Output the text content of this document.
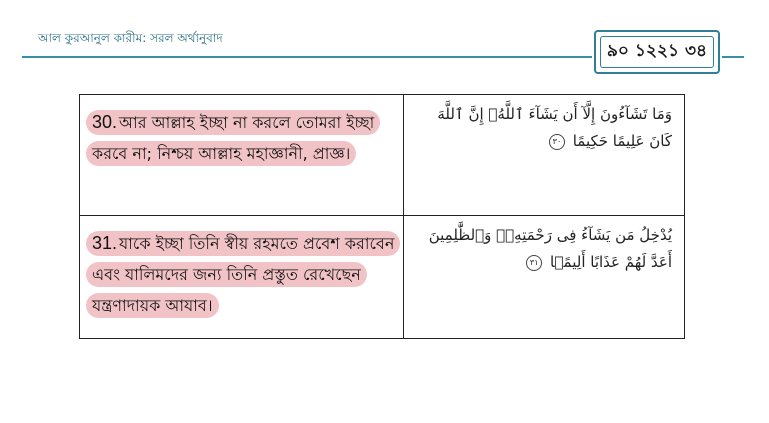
আল কুরআনুল কারীম: সরল অর্থানুবাদ
৯০ ১২২১ ৩৪
30. আর আল্লাহ ইচ্ছা না করলে তোমরা ইচ্ছা করবে না; নিশ্চয় আল্লাহ মহাজ্ঞানী, প্রাজ্ঞ।	وَمَا تَشَآءُونَ إِلَّآ أَن يَشَآءَ ٱللَّهُۚ إِنَّ ٱللَّهَ كَانَ عَلِيمًا حَكِيمًا ٣٠

31. যাকে ইচ্ছা তিনি স্বীয় রহমতে প্রবেশ করাবেন এবং যালিমদের জন্য তিনি প্রস্তুত রেখেছেন যন্ত্রণাদায়ক আযাব।	يُدْخِلُ مَن يَشَآءُ فِى رَحْمَتِهِۦۚ وَٱلظَّٰلِمِينَ أَعَدَّ لَهُمْ عَذَابًا أَلِيمًۢا ٣١
